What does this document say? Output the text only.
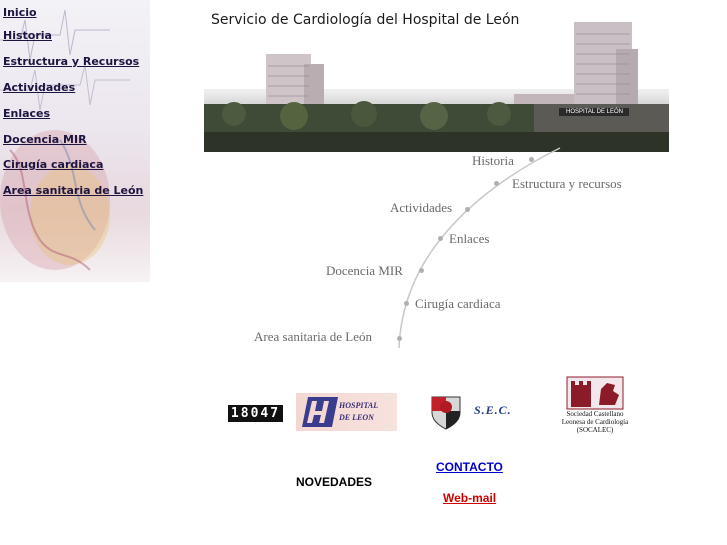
Inicio
Historia
Estructura y Recursos
Actividades
Enlaces
Docencia MIR
Cirugía cardiaca
Area sanitaria de León
Servicio de Cardiología del Hospital de León
HOSPITAL DE LEÓN
Historia
Estructura y recursos
Actividades
Enlaces
Docencia MIR
Cirugía cardiaca
Area sanitaria de León
18047
HOSPITAL
DE LEON
S.E.C.	Sociedad Castellano
Leonesa de Cardiología
(SOCALEC)
NOVEDADES
CONTACTO
Web-mail
